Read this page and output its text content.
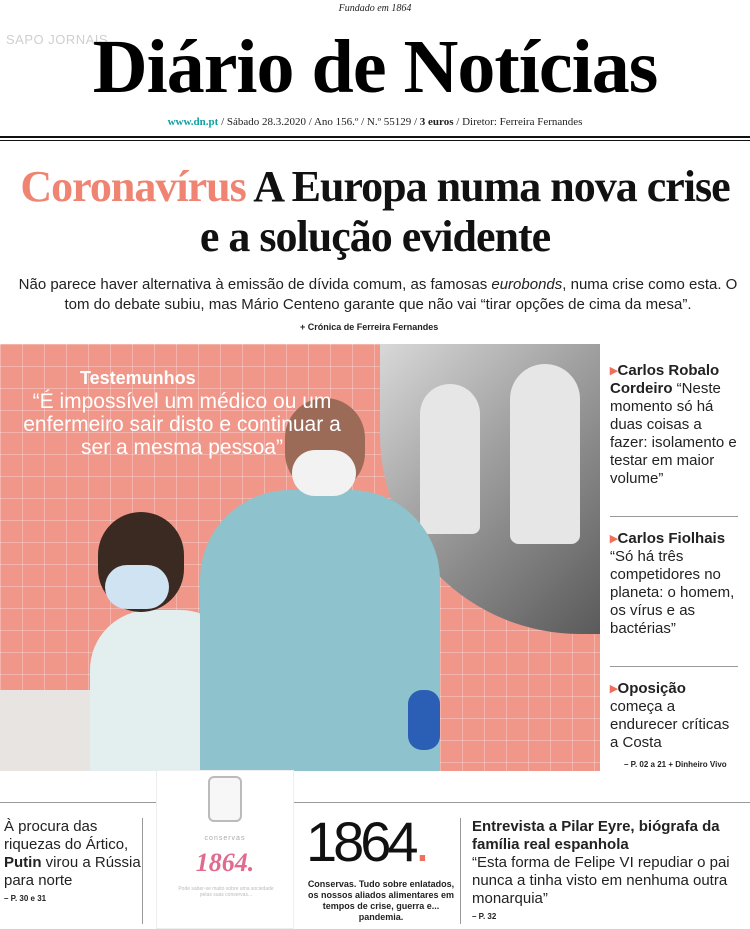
Fundado em 1864
SAPO JORNAIS
Diário de Notícias
www.dn.pt / Sábado 28.3.2020 / Ano 156.º / N.º 55129 / 3 euros / Diretor: Ferreira Fernandes
Coronavírus A Europa numa nova crise e a solução evidente
Não parece haver alternativa à emissão de dívida comum, as famosas eurobonds, numa crise como esta. O tom do debate subiu, mas Mário Centeno garante que não vai “tirar opções de cima da mesa”.
+ Crónica de Ferreira Fernandes
Testemunhos
“É impossível um médico ou um enfermeiro sair disto e continuar a ser a mesma pessoa”
▸Carlos Robalo Cordeiro “Neste momento só há duas coisas a fazer: isolamento e testar em maior volume”
▸Carlos Fiolhais “Só há três competidores no planeta: o homem, os vírus e as bactérias”
▸Oposição começa a endurecer críticas a Costa
– P. 02 a 21 + Dinheiro Vivo
À procura das riquezas do Ártico, Putin virou a Rússia para norte
– P. 30 e 31
conservas
1864.
Pode saber-se muito sobre uma sociedade pelas suas conservas...
1864.
Conservas. Tudo sobre enlatados, os nossos aliados alimentares em tempos de crise, guerra e... pandemia.
Entrevista a Pilar Eyre, biógrafa da família real espanhola
“Esta forma de Felipe VI repudiar o pai nunca a tinha visto em nenhuma outra monarquia”
– P. 32
